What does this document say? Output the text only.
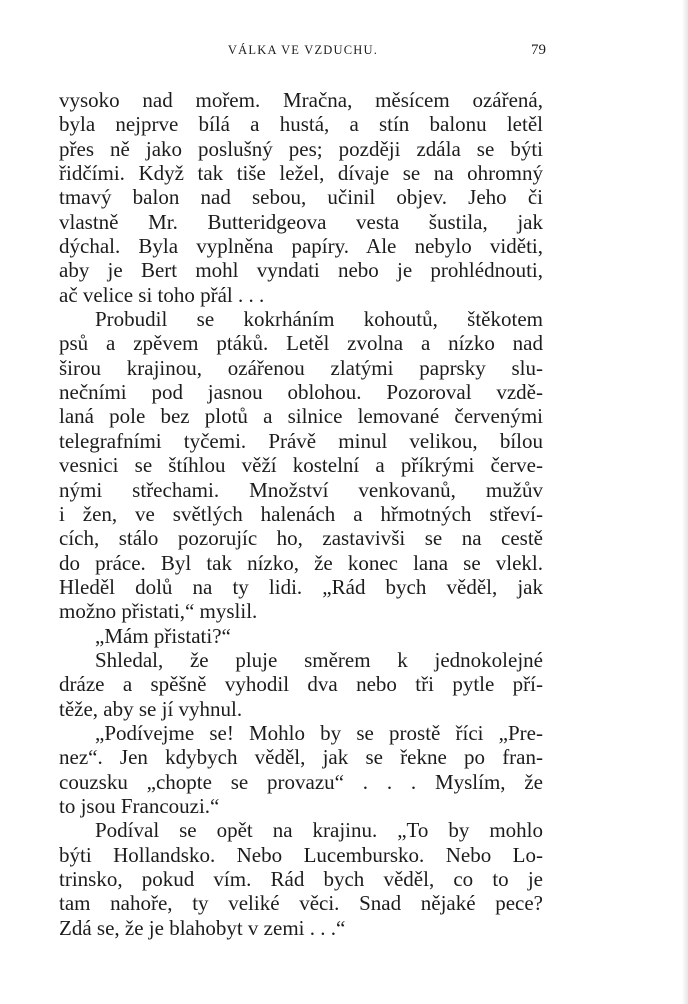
VÁLKA VE VZDUCHU.	79
vysoko nad mořem. Mračna, měsícem ozářená,
byla nejprve bílá a hustá, a stín balonu letěl
přes ně jako poslušný pes; později zdála se býti
řidčími. Když tak tiše ležel, dívaje se na ohromný
tmavý balon nad sebou, učinil objev. Jeho či
vlastně Mr. Butteridgeova vesta šustila, jak
dýchal. Byla vyplněna papíry. Ale nebylo viděti,
aby je Bert mohl vyndati nebo je prohlédnouti,
ač velice si toho přál . . .
Probudil se kokrháním kohoutů, štěkotem
psů a zpěvem ptáků. Letěl zvolna a nízko nad
širou krajinou, ozářenou zlatými paprsky slu-
nečními pod jasnou oblohou. Pozoroval vzdě-
laná pole bez plotů a silnice lemované červenými
telegrafními tyčemi. Právě minul velikou, bílou
vesnici se štíhlou věží kostelní a příkrými červe-
nými střechami. Množství venkovanů, mužův
i žen, ve světlých halenách a hřmotných střeví-
cích, stálo pozorujíc ho, zastavivši se na cestě
do práce. Byl tak nízko, že konec lana se vlekl.
Hleděl dolů na ty lidi. „Rád bych věděl, jak
možno přistati,“ myslil.
„Mám přistati?“
Shledal, že pluje směrem k jednokolejné
dráze a spěšně vyhodil dva nebo tři pytle pří-
těže, aby se jí vyhnul.
„Podívejme se! Mohlo by se prostě říci „Pre-
nez“. Jen kdybych věděl, jak se řekne po fran-
couzsku „chopte se provazu“ . . . Myslím, že
to jsou Francouzi.“
Podíval se opět na krajinu. „To by mohlo
býti Hollandsko. Nebo Lucembursko. Nebo Lo-
trinsko, pokud vím. Rád bych věděl, co to je
tam nahoře, ty veliké věci. Snad nějaké pece?
Zdá se, že je blahobyt v zemi . . .“
